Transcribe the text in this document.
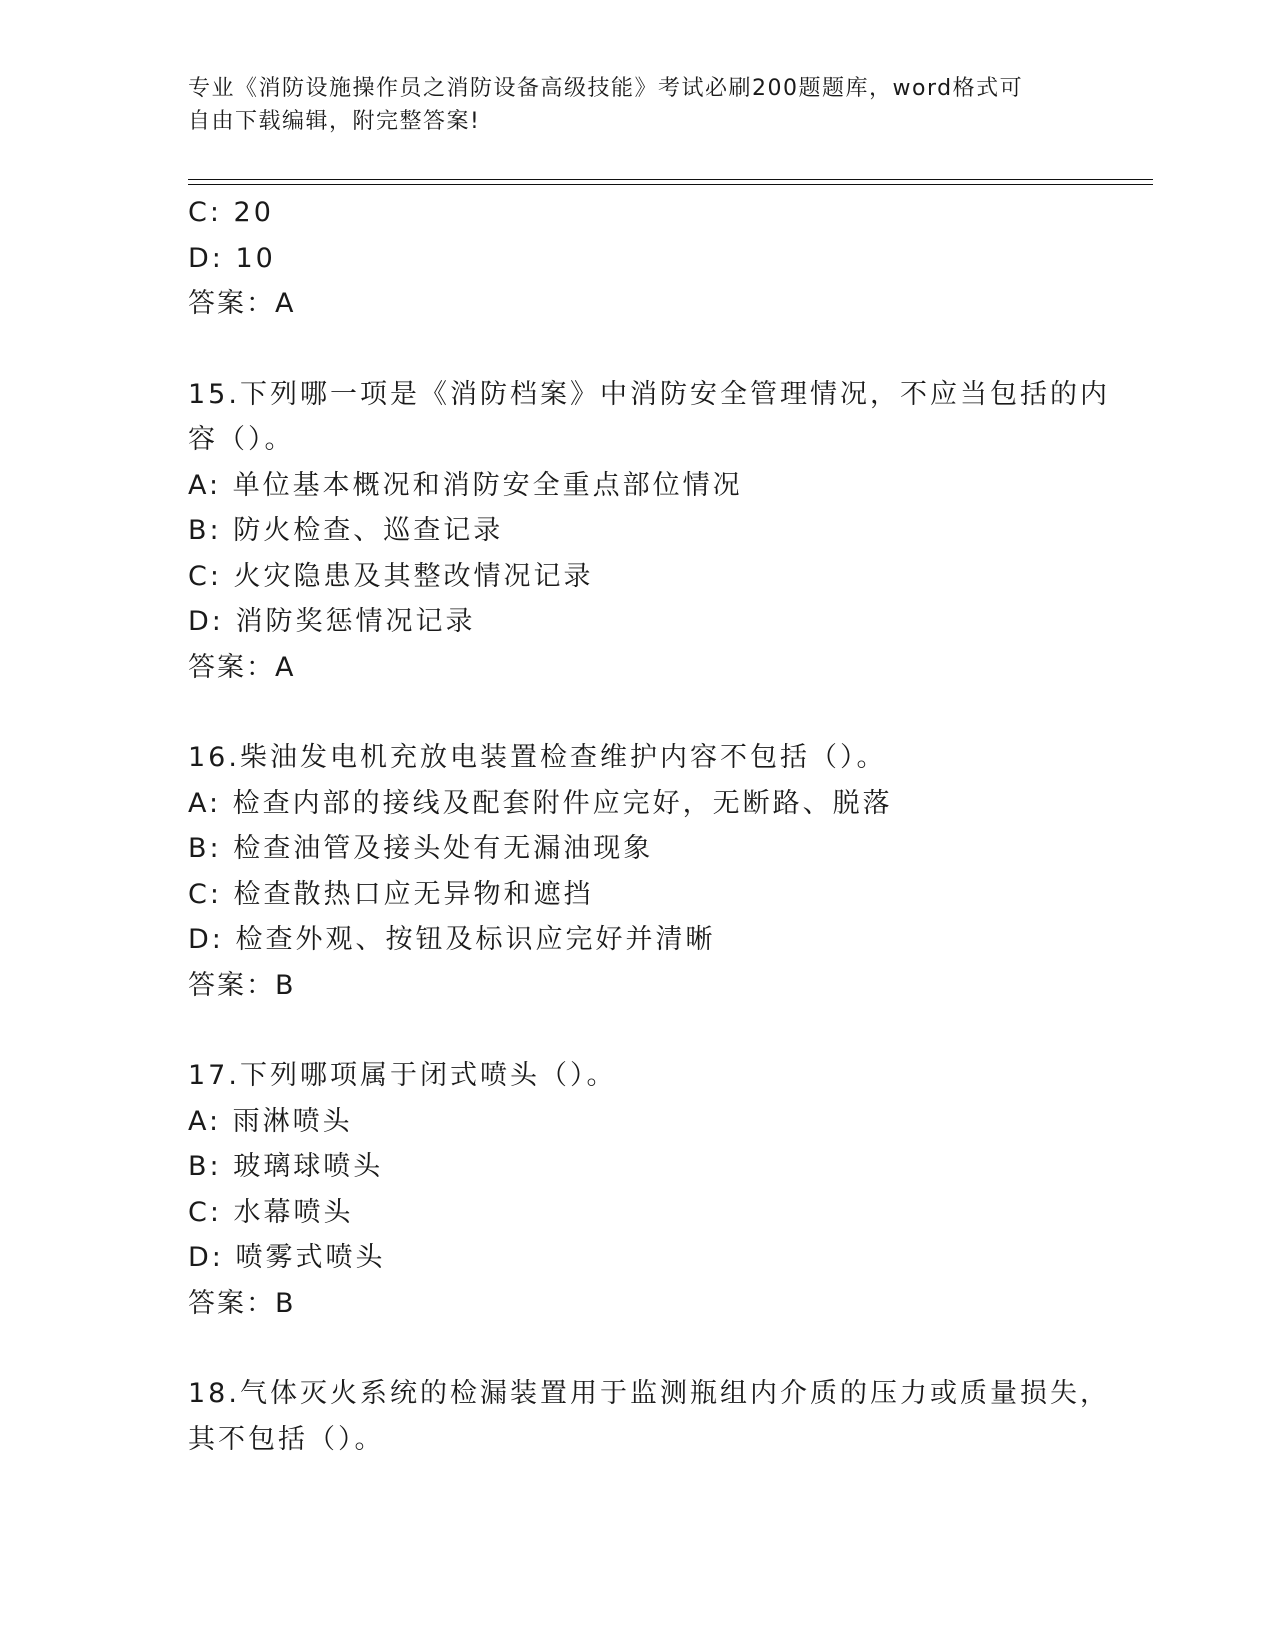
专业《消防设施操作员之消防设备高级技能》考试必刷200题题库，word格式可
自由下载编辑，附完整答案!
C: 20
D: 10
答案：A
15.下列哪一项是《消防档案》中消防安全管理情况，不应当包括的内
容（）。
A: 单位基本概况和消防安全重点部位情况
B: 防火检查、巡查记录
C: 火灾隐患及其整改情况记录
D: 消防奖惩情况记录
答案：A
16.柴油发电机充放电装置检查维护内容不包括（）。
A: 检查内部的接线及配套附件应完好，无断路、脱落
B: 检查油管及接头处有无漏油现象
C: 检查散热口应无异物和遮挡
D: 检查外观、按钮及标识应完好并清晰
答案：B
17.下列哪项属于闭式喷头（）。
A: 雨淋喷头
B: 玻璃球喷头
C: 水幕喷头
D: 喷雾式喷头
答案：B
18.气体灭火系统的检漏装置用于监测瓶组内介质的压力或质量损失，
其不包括（）。
